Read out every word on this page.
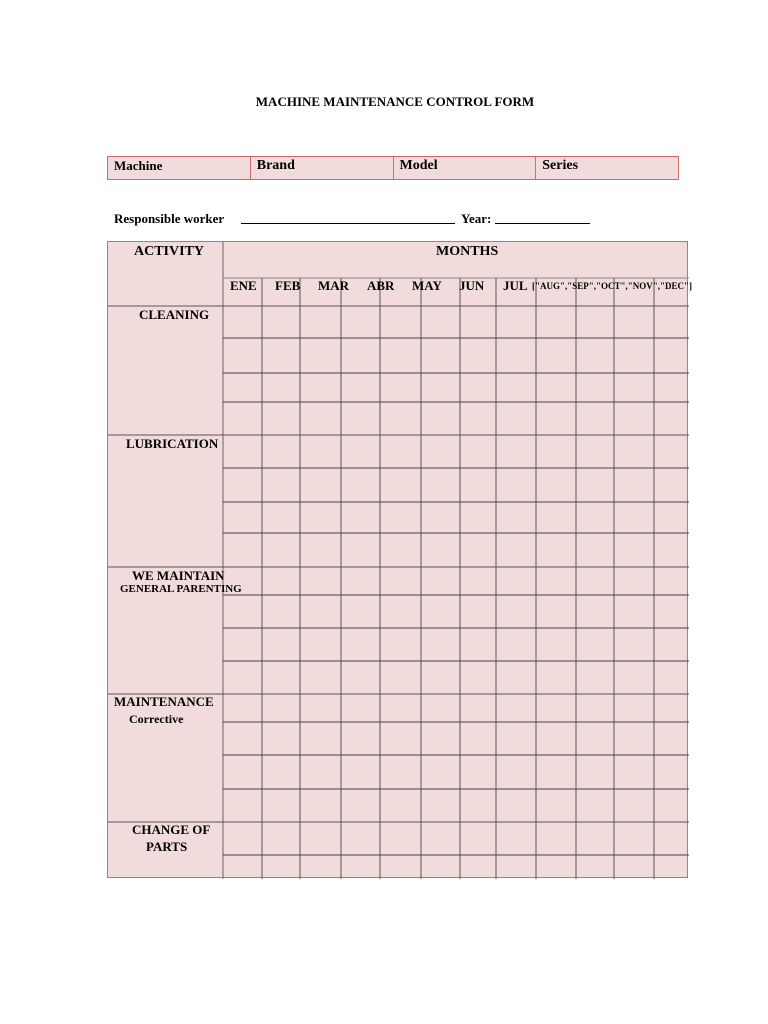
MACHINE MAINTENANCE CONTROL FORM
Machine	Brand	Model	Series
Responsible worker	Year:
ACTIVITY	MONTHS
ENE FEB MAR ABR MAY JUN JUL ["AUG","SEP","OCT","NOV","DEC"]
CLEANING
LUBRICATION
WE MAINTAIN
GENERAL PARENTING
MAINTENANCE
Corrective
CHANGE OF
PARTS
